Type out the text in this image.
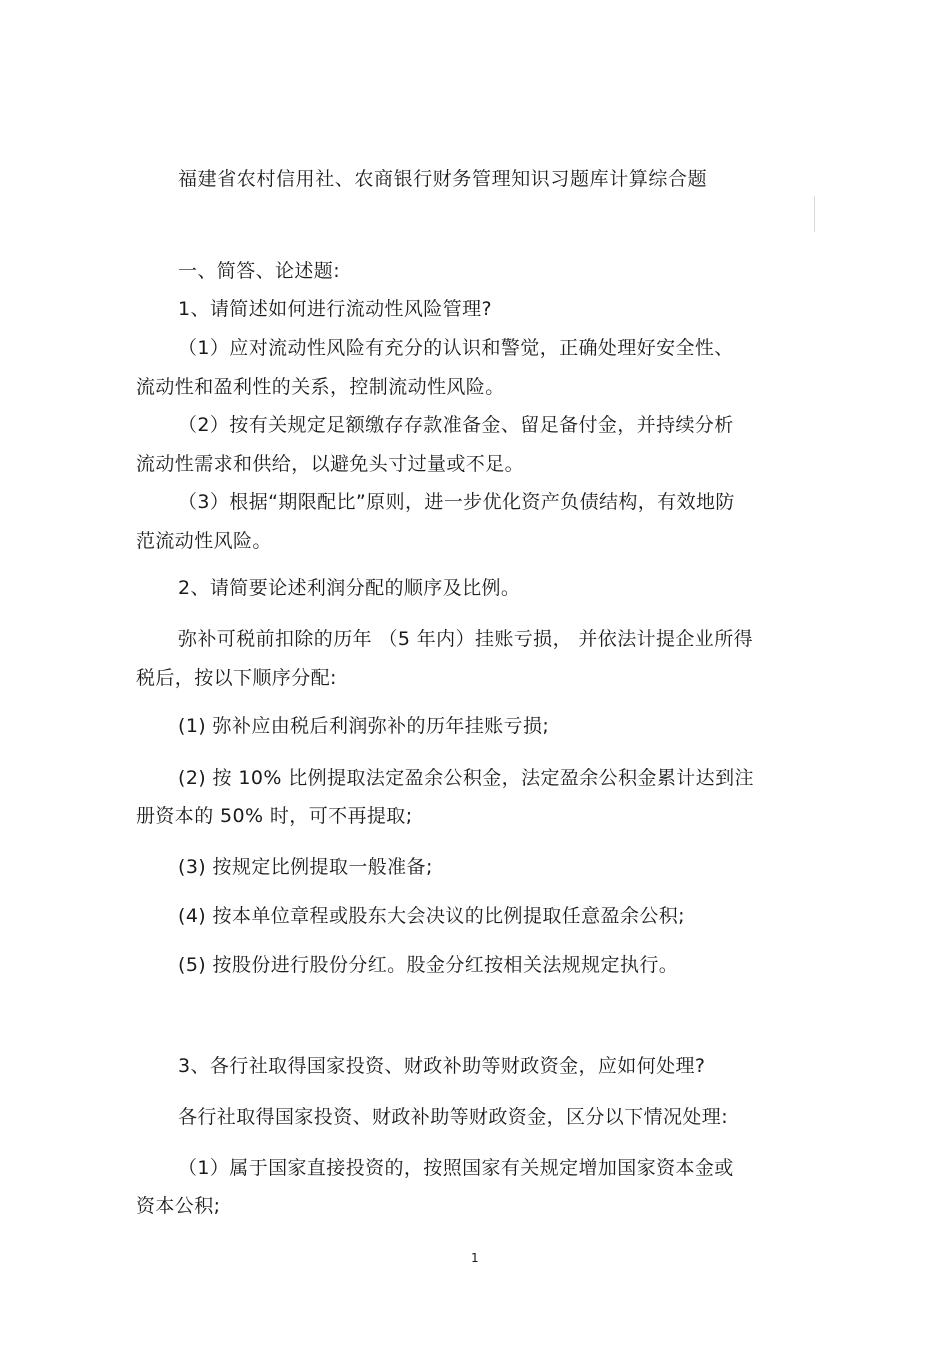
福建省农村信用社、农商银行财务管理知识习题库计算综合题
一、简答、论述题:
1、请简述如何进行流动性风险管理?
（1）应对流动性风险有充分的认识和警觉，正确处理好安全性、
流动性和盈利性的关系，控制流动性风险。
（2）按有关规定足额缴存存款准备金、留足备付金，并持续分析
流动性需求和供给，以避免头寸过量或不足。
（3）根据“期限配比”原则，进一步优化资产负债结构，有效地防
范流动性风险。
2、请简要论述利润分配的顺序及比例。
弥补可税前扣除的历年 （5 年内）挂账亏损， 并依法计提企业所得
税后，按以下顺序分配:
(1) 弥补应由税后利润弥补的历年挂账亏损;
(2) 按 10% 比例提取法定盈余公积金，法定盈余公积金累计达到注
册资本的 50% 时，可不再提取;
(3) 按规定比例提取一般准备;
(4) 按本单位章程或股东大会决议的比例提取任意盈余公积;
(5) 按股份进行股份分红。股金分红按相关法规规定执行。
3、各行社取得国家投资、财政补助等财政资金，应如何处理?
各行社取得国家投资、财政补助等财政资金，区分以下情况处理:
（1）属于国家直接投资的，按照国家有关规定增加国家资本金或
资本公积;
1
